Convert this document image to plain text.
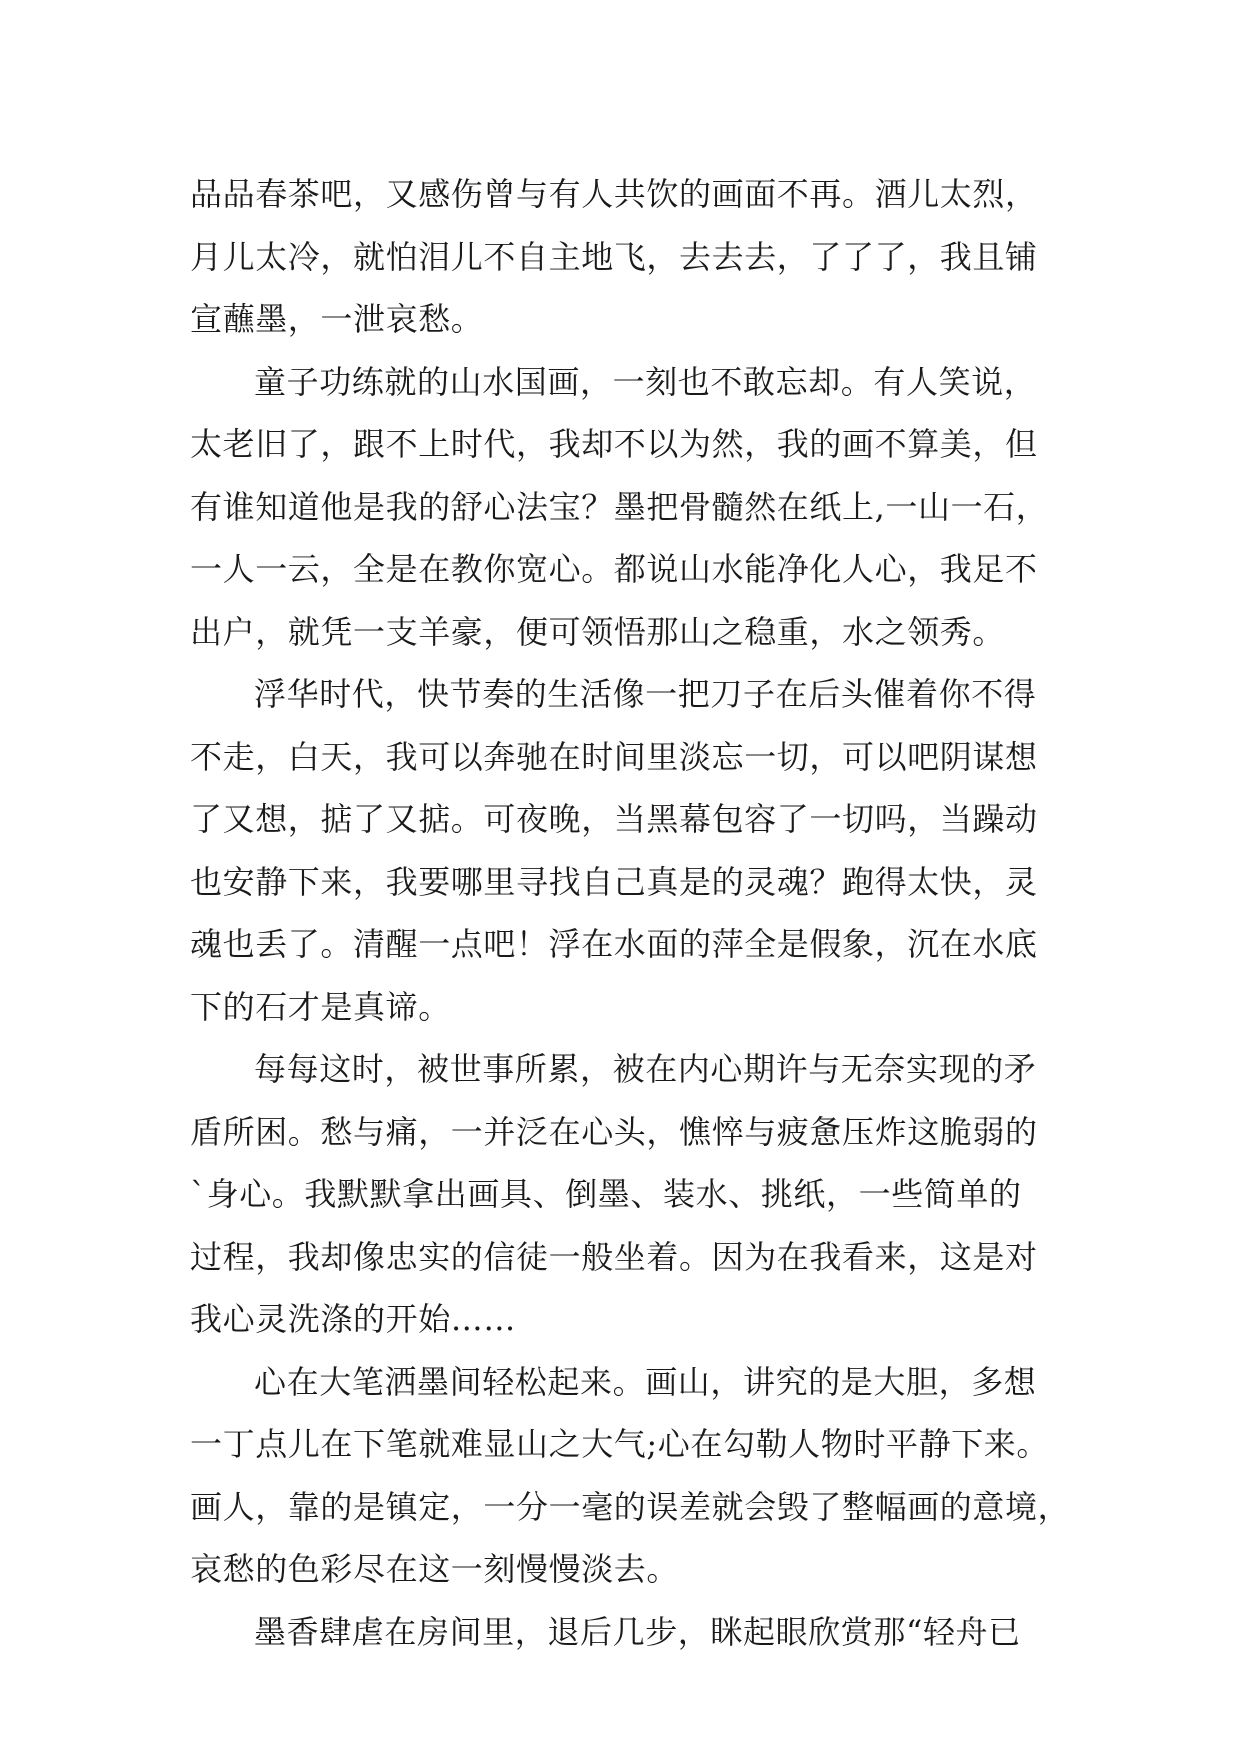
品品春茶吧，又感伤曾与有人共饮的画面不再。酒儿太烈，
月儿太冷，就怕泪儿不自主地飞，去去去，了了了，我且铺
宣蘸墨，一泄哀愁。
童子功练就的山水国画，一刻也不敢忘却。有人笑说，
太老旧了，跟不上时代，我却不以为然，我的画不算美，但
有谁知道他是我的舒心法宝？墨把骨髓然在纸上,一山一石，
一人一云，全是在教你宽心。都说山水能净化人心，我足不
出户，就凭一支羊豪，便可领悟那山之稳重，水之领秀。
浮华时代，快节奏的生活像一把刀子在后头催着你不得
不走，白天，我可以奔驰在时间里淡忘一切，可以吧阴谋想
了又想，掂了又掂。可夜晚，当黑幕包容了一切吗，当躁动
也安静下来，我要哪里寻找自己真是的灵魂？跑得太快，灵
魂也丢了。清醒一点吧！浮在水面的萍全是假象，沉在水底
下的石才是真谛。
每每这时，被世事所累，被在内心期许与无奈实现的矛
盾所困。愁与痛，一并泛在心头，憔悴与疲惫压炸这脆弱的
`身心。我默默拿出画具、倒墨、装水、挑纸，一些简单的
过程，我却像忠实的信徒一般坐着。因为在我看来，这是对
我心灵洗涤的开始……
心在大笔洒墨间轻松起来。画山，讲究的是大胆，多想
一丁点儿在下笔就难显山之大气;心在勾勒人物时平静下来。
画人，靠的是镇定，一分一毫的误差就会毁了整幅画的意境，
哀愁的色彩尽在这一刻慢慢淡去。
墨香肆虐在房间里，退后几步，眯起眼欣赏那“轻舟已
